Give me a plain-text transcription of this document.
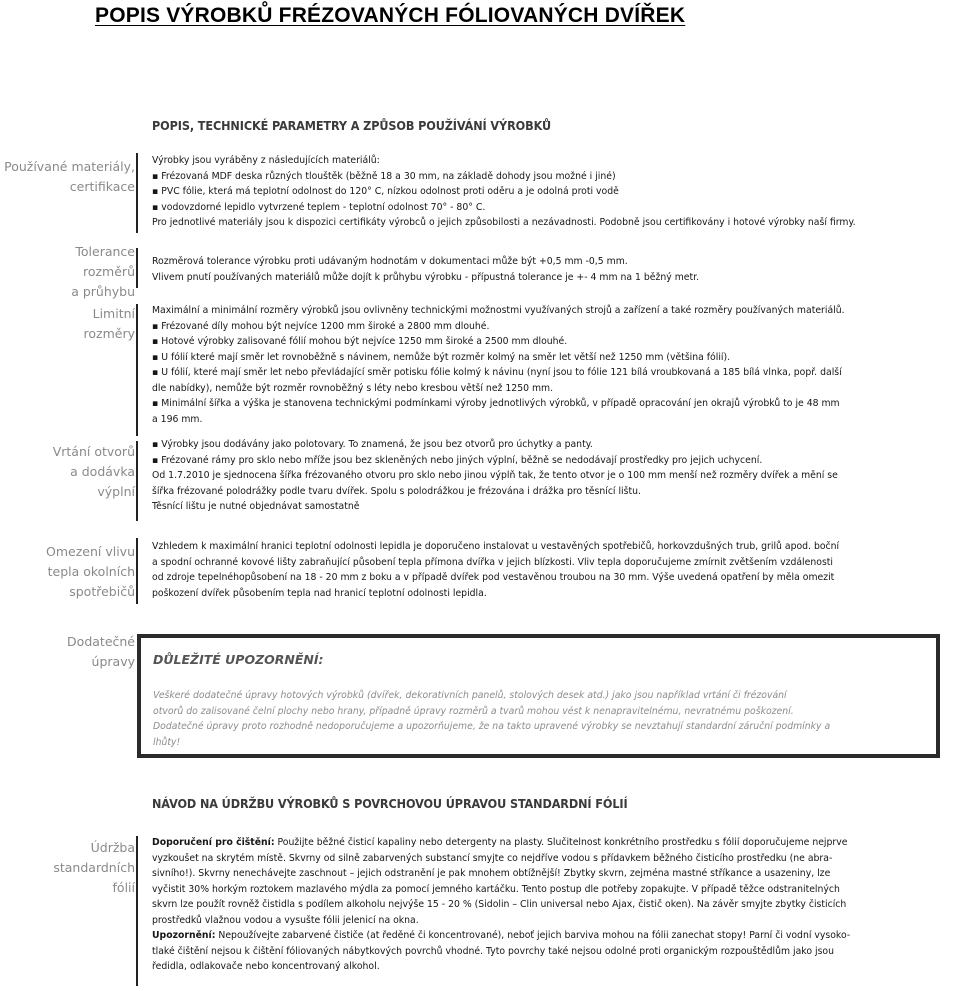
POPIS VÝROBKŮ FRÉZOVANÝCH FÓLIOVANÝCH DVÍŘEK
POPIS, TECHNICKÉ PARAMETRY A ZPŮSOB POUŽÍVÁNÍ VÝROBKŮ
Používané materiály,
certifikace
Tolerance
rozměrů
a průhybu
Limitní
rozměry
Vrtání otvorů
a dodávka
výplní
Omezení vlivu
tepla okolních
spotřebičů
Dodatečné
úpravy
Výrobky jsou vyráběny z následujících materiálů:
▪ Frézovaná MDF deska různých tlouštěk (běžně 18 a 30 mm, na základě dohody jsou možné i jiné)
▪ PVC fólie, která má teplotní odolnost do 120° C, nízkou odolnost proti oděru a je odolná proti vodě
▪ vodovzdorné lepidlo vytvrzené teplem - teplotní odolnost 70° - 80° C.
Pro jednotlivé materiály jsou k dispozici certifikáty výrobců o jejich způsobilosti a nezávadnosti. Podobně jsou certifikovány i hotové výrobky naší firmy.
Rozměrová tolerance výrobku proti udávaným hodnotám v dokumentaci může být +0,5 mm -0,5 mm.
Vlivem pnutí používaných materiálů může dojít k průhybu výrobku - přípustná tolerance je +- 4 mm na 1 běžný metr.
Maximální a minimální rozměry výrobků jsou ovlivněny technickými možnostmi využívaných strojů a zařízení a také rozměry používaných materiálů.
▪ Frézované díly mohou být nejvíce 1200 mm široké a 2800 mm dlouhé.
▪ Hotové výrobky zalisované fólií mohou být nejvíce 1250 mm široké a 2500 mm dlouhé.
▪ U fólií které mají směr let rovnoběžně s návinem, nemůže být rozměr kolmý na směr let větší než 1250 mm (většina fólií).
▪ U fólií, které mají směr let nebo převládající směr potisku fólie kolmý k návinu (nyní jsou to fólie 121 bílá vroubkovaná a 185 bílá vlnka, popř. další
dle nabídky), nemůže být rozměr rovnoběžný s léty nebo kresbou větší než 1250 mm.
▪ Minimální šířka a výška je stanovena technickými podmínkami výroby jednotlivých výrobků, v případě opracování jen okrajů výrobků to je 48 mm
a 196 mm.
▪ Výrobky jsou dodávány jako polotovary. To znamená, že jsou bez otvorů pro úchytky a panty.
▪ Frézované rámy pro sklo nebo mříže jsou bez skleněných nebo jiných výplní, běžně se nedodávají prostředky pro jejich uchycení.
Od 1.7.2010 je sjednocena šířka frézovaného otvoru pro sklo nebo jinou výplň tak, že tento otvor je o 100 mm menší než rozměry dvířek a mění se
šířka frézované polodrážky podle tvaru dvířek. Spolu s polodrážkou je frézována i drážka pro těsnící lištu.
Těsnící lištu je nutné objednávat samostatně
Vzhledem k maximální hranici teplotní odolnosti lepidla je doporučeno instalovat u vestavěných spotřebičů, horkovzdušných trub, grilů apod. boční
a spodní ochranné kovové lišty zabraňující působení tepla přímona dvířka v jejich blízkosti. Vliv tepla doporučujeme zmírnit zvětšením vzdálenosti
od zdroje tepelnéhopůsobení na 18 - 20 mm z boku a v případě dvířek pod vestavěnou troubou na 30 mm. Výše uvedená opatření by měla omezit
poškození dvířek působením tepla nad hranicí teplotní odolnosti lepidla.
DŮLEŽITÉ UPOZORNĚNÍ:
Veškeré dodatečné úpravy hotových výrobků (dvířek, dekorativních panelů, stolových desek atd.) jako jsou například vrtání či frézování
otvorů do zalisované čelní plochy nebo hrany, případně úpravy rozměrů a tvarů mohou vést k nenapravitelnému, nevratnému poškození.
Dodatečné úpravy proto rozhodně nedoporučujeme a upozorňujeme, že na takto upravené výrobky se nevztahují standardní záruční podmínky a
lhůty!
NÁVOD NA ÚDRŽBU VÝROBKŮ S POVRCHOVOU ÚPRAVOU STANDARDNÍ FÓLIÍ
Údržba
standardních
fólií
Doporučení pro čištění: Použijte běžné čisticí kapaliny nebo detergenty na plasty. Slučitelnost konkrétního prostředku s fólií doporučujeme nejprve
vyzkoušet na skrytém místě. Skvrny od silně zabarvených substancí smyjte co nejdříve vodou s přídavkem běžného čisticího prostředku (ne abra-
sivního!). Skvrny nenechávejte zaschnout – jejich odstranění je pak mnohem obtížnější! Zbytky skvrn, zejména mastné stříkance a usazeniny, lze
vyčistit 30% horkým roztokem mazlavého mýdla za pomocí jemného kartáčku. Tento postup dle potřeby zopakujte. V případě těžce odstranitelných
skvrn lze použít rovněž čistidla s podílem alkoholu nejvýše 15 - 20 % (Sidolin – Clin universal nebo Ajax, čistič oken). Na závěr smyjte zbytky čisticích
prostředků vlažnou vodou a vysušte fólii jelenicí na okna.
Upozornění: Nepoužívejte zabarvené čističe (at ředěné či koncentrované), neboť jejich barviva mohou na fólii zanechat stopy! Parní či vodní vysoko-
tlaké čištění nejsou k čištění fóliovaných nábytkových povrchů vhodné. Tyto povrchy také nejsou odolné proti organickým rozpouštědlům jako jsou
ředidla, odlakovače nebo koncentrovaný alkohol.
